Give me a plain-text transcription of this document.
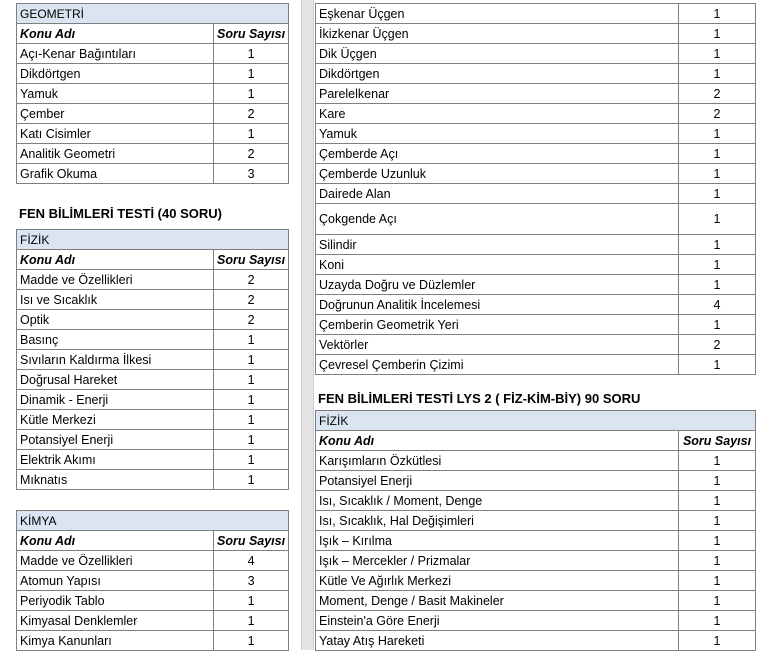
GEOMETRİ	
Konu Adı	Soru Sayısı
Açı-Kenar Bağıntıları	1
Dikdörtgen	1
Yamuk	1
Çember	2
Katı Cisimler	1
Analitik Geometri	2
Grafik Okuma	3
FEN BİLİMLERİ TESTİ (40 SORU)
FİZİK	
Konu Adı	Soru Sayısı
Madde ve Özellikleri	2
Isı ve Sıcaklık	2
Optik	2
Basınç	1
Sıvıların Kaldırma İlkesi	1
Doğrusal Hareket	1
Dinamik - Enerji	1
Kütle Merkezi	1
Potansiyel Enerji	1
Elektrik Akımı	1
Mıknatıs	1
KİMYA	
Konu Adı	Soru Sayısı
Madde ve Özellikleri	4
Atomun Yapısı	3
Periyodik Tablo	1
Kimyasal Denklemler	1
Kimya Kanunları	1
Eşkenar Üçgen	1
İkizkenar Üçgen	1
Dik Üçgen	1
Dikdörtgen	1
Parelelkenar	2
Kare	2
Yamuk	1
Çemberde Açı	1
Çemberde Uzunluk	1
Dairede Alan	1
Çokgende Açı	1
Silindir	1
Koni	1
Uzayda Doğru ve Düzlemler	1
Doğrunun Analitik İncelemesi	4
Çemberin Geometrik Yeri	1
Vektörler	2
Çevresel Çemberin Çizimi	1
FEN BİLİMLERİ TESTİ LYS 2 ( FİZ-KİM-BİY) 90 SORU
FİZİK	
Konu Adı	Soru Sayısı
Karışımların Özkütlesi	1
Potansiyel Enerji	1
Isı, Sıcaklık / Moment, Denge	1
Isı, Sıcaklık, Hal Değişimleri	1
Işık – Kırılma	1
Işık – Mercekler / Prizmalar	1
Kütle Ve Ağırlık Merkezi	1
Moment, Denge / Basit Makineler	1
Einstein'a Göre Enerji	1
Yatay Atış Hareketi	1
